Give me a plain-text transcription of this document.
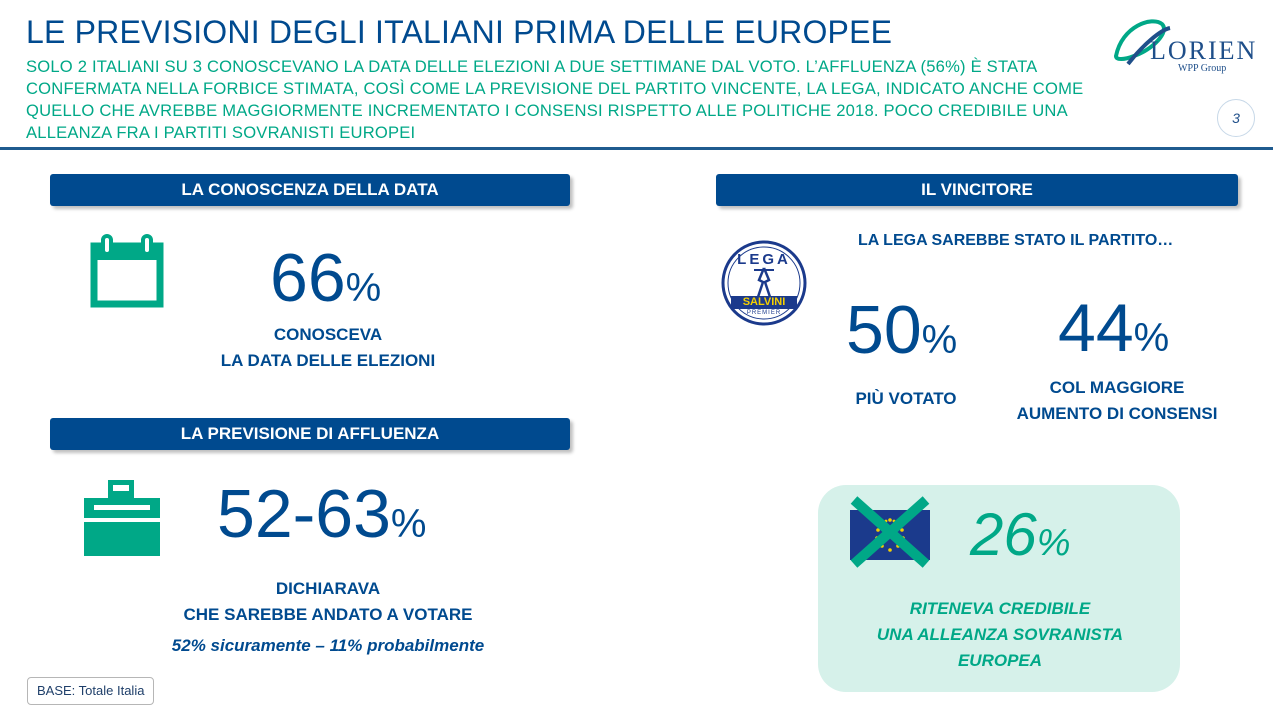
LE PREVISIONI DEGLI ITALIANI PRIMA DELLE EUROPEE
SOLO 2 ITALIANI SU 3 CONOSCEVANO LA DATA DELLE ELEZIONI A DUE SETTIMANE DAL VOTO. L’AFFLUENZA (56%) È STATA CONFERMATA NELLA FORBICE STIMATA, COSÌ COME LA PREVISIONE DEL PARTITO VINCENTE, LA LEGA, INDICATO ANCHE COME QUELLO CHE AVREBBE MAGGIORMENTE INCREMENTATO I CONSENSI RISPETTO ALLE POLITICHE 2018. POCO CREDIBILE UNA ALLEANZA FRA I PARTITI SOVRANISTI EUROPEI
LORIEN
WPP Group
3
LA CONOSCENZA DELLA DATA
66%
CONOSCEVA
LA DATA DELLE ELEZIONI
LA PREVISIONE DI AFFLUENZA
52-63%
DICHIARAVA
CHE SAREBBE ANDATO A VOTARE
52% sicuramente – 11% probabilmente
IL VINCITORE
LA LEGA SAREBBE STATO IL PARTITO…
LEGA
SALVINI
PREMIER 50%
PIÙ VOTATO
44%
COL MAGGIORE
AUMENTO DI CONSENSI
26%
RITENEVA CREDIBILE
UNA ALLEANZA SOVRANISTA
EUROPEA
BASE: Totale Italia
